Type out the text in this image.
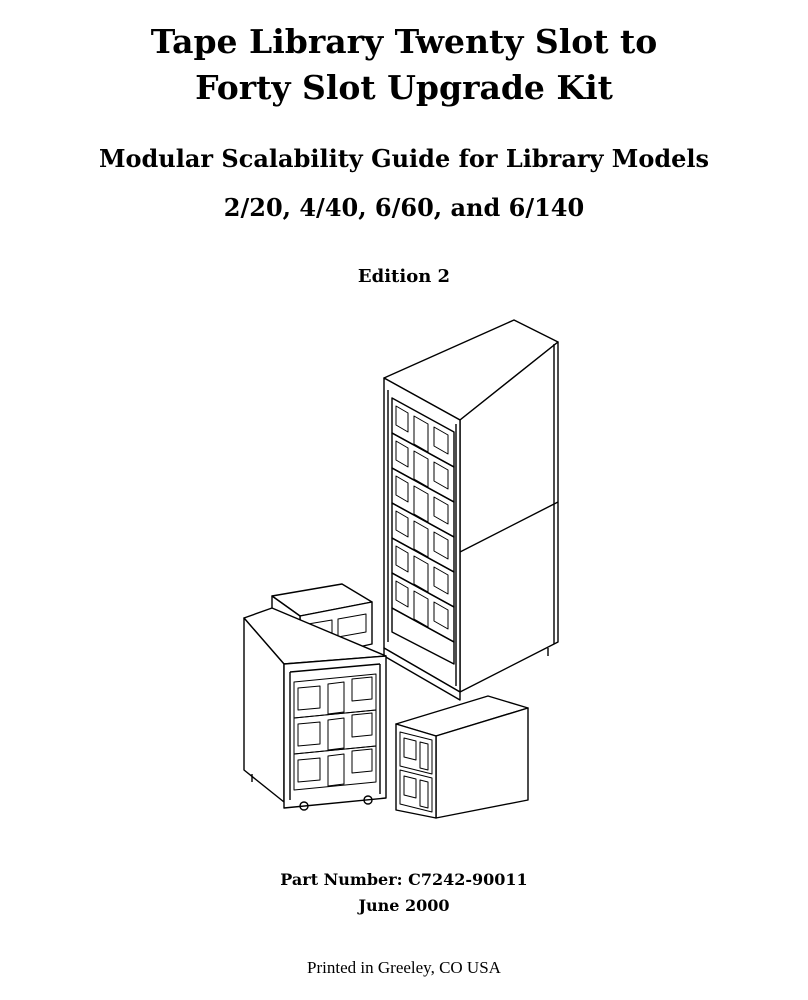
Tape Library Twenty Slot to
Forty Slot Upgrade Kit
Modular Scalability Guide for Library Models
2/20, 4/40, 6/60, and 6/140
Edition 2
Part Number: C7242-90011
June 2000
Printed in Greeley, CO USA
